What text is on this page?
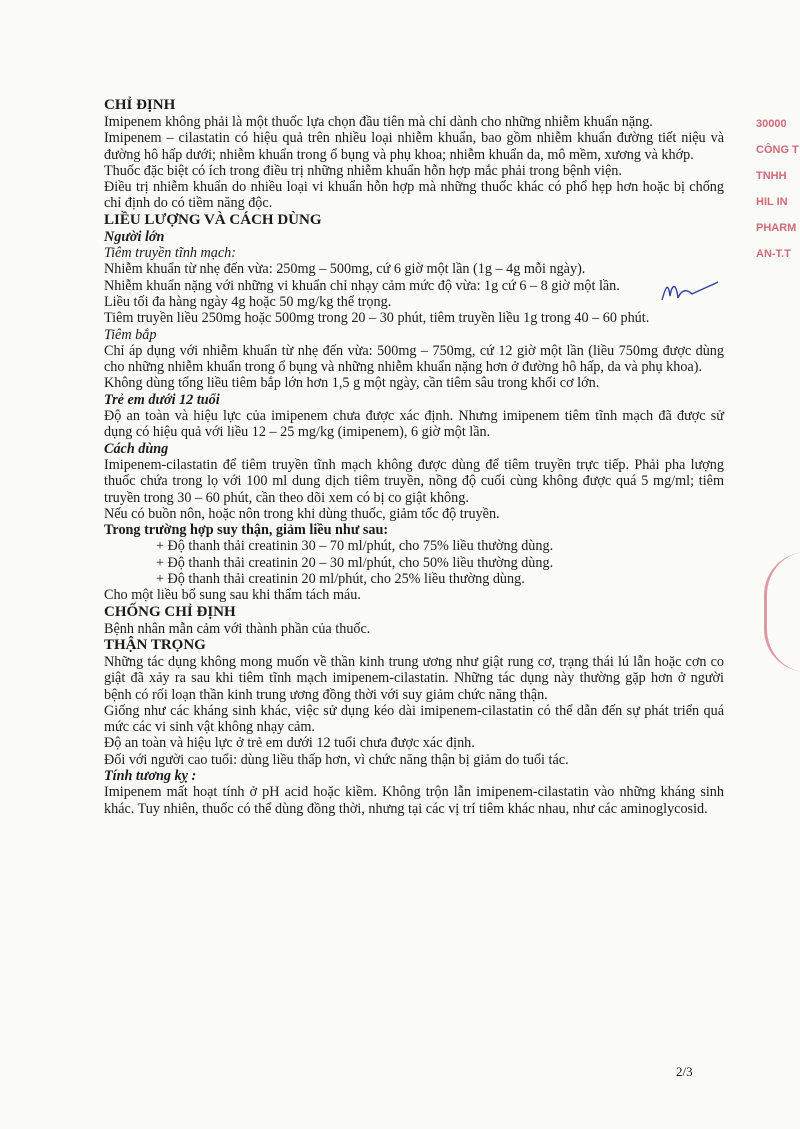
CHỈ ĐỊNH

Imipenem không phải là một thuốc lựa chọn đầu tiên mà chỉ dành cho những nhiễm khuẩn nặng.

Imipenem – cilastatin có hiệu quả trên nhiều loại nhiễm khuẩn, bao gồm nhiễm khuẩn đường tiết niệu và đường hô hấp dưới; nhiễm khuẩn trong ổ bụng và phụ khoa; nhiễm khuẩn da, mô mềm, xương và khớp.

Thuốc đặc biệt có ích trong điều trị những nhiễm khuẩn hỗn hợp mắc phải trong bệnh viện.

Điều trị nhiễm khuẩn do nhiều loại vi khuẩn hỗn hợp mà những thuốc khác có phổ hẹp hơn hoặc bị chống chỉ định do có tiềm năng độc.

LIỀU LƯỢNG VÀ CÁCH DÙNG

Người lớn

Tiêm truyền tĩnh mạch:

Nhiễm khuẩn từ nhẹ đến vừa: 250mg – 500mg, cứ 6 giờ một lần (1g – 4g mỗi ngày).

Nhiễm khuẩn nặng với những vi khuẩn chỉ nhạy cảm mức độ vừa: 1g cứ 6 – 8 giờ một lần.

Liều tối đa hàng ngày 4g hoặc 50 mg/kg thể trọng.

Tiêm truyền liều 250mg hoặc 500mg trong 20 – 30 phút, tiêm truyền liều 1g trong 40 – 60 phút.

Tiêm bắp

Chỉ áp dụng với nhiễm khuẩn từ nhẹ đến vừa: 500mg – 750mg, cứ 12 giờ một lần (liều 750mg được dùng cho những nhiễm khuẩn trong ổ bụng và những nhiễm khuẩn nặng hơn ở đường hô hấp, da và phụ khoa).

Không dùng tổng liều tiêm bắp lớn hơn 1,5 g một ngày, cần tiêm sâu trong khối cơ lớn.

Trẻ em dưới 12 tuổi

Độ an toàn và hiệu lực của imipenem chưa được xác định. Nhưng imipenem tiêm tĩnh mạch đã được sử dụng có hiệu quả với liều 12 – 25 mg/kg (imipenem), 6 giờ một lần.

Cách dùng

Imipenem-cilastatin để tiêm truyền tĩnh mạch không được dùng để tiêm truyền trực tiếp. Phải pha lượng thuốc chứa trong lọ với 100 ml dung dịch tiêm truyền, nồng độ cuối cùng không được quá 5 mg/ml; tiêm truyền trong 30 – 60 phút, cần theo dõi xem có bị co giật không.

Nếu có buồn nôn, hoặc nôn trong khi dùng thuốc, giảm tốc độ truyền.

Trong trường hợp suy thận, giảm liều như sau:

+ Độ thanh thải creatinin 30 – 70 ml/phút, cho 75% liều thường dùng.

+ Độ thanh thải creatinin 20 – 30 ml/phút, cho 50% liều thường dùng.

+ Độ thanh thải creatinin 20 ml/phút, cho 25% liều thường dùng.

Cho một liều bổ sung sau khi thẩm tách máu.

CHỐNG CHỈ ĐỊNH

Bệnh nhân mẫn cảm với thành phần của thuốc.

THẬN TRỌNG

Những tác dụng không mong muốn về thần kinh trung ương như giật rung cơ, trạng thái lú lẫn hoặc cơn co giật đã xảy ra sau khi tiêm tĩnh mạch imipenem-cilastatin. Những tác dụng này thường gặp hơn ở người bệnh có rối loạn thần kinh trung ương đồng thời với suy giảm chức năng thận.

Giống như các kháng sinh khác, việc sử dụng kéo dài imipenem-cilastatin có thể dẫn đến sự phát triển quá mức các vi sinh vật không nhạy cảm.

Độ an toàn và hiệu lực ở trẻ em dưới 12 tuổi chưa được xác định.

Đối với người cao tuổi: dùng liều thấp hơn, vì chức năng thận bị giảm do tuổi tác.

Tính tương kỵ :

Imipenem mất hoạt tính ở pH acid hoặc kiềm. Không trộn lẫn imipenem-cilastatin vào những kháng sinh khác. Tuy nhiên, thuốc có thể dùng đồng thời, nhưng tại các vị trí tiêm khác nhau, như các aminoglycosid.

30000
CÔNG T
TNHH
HIL IN
PHARM
AN-T.T
2/3
